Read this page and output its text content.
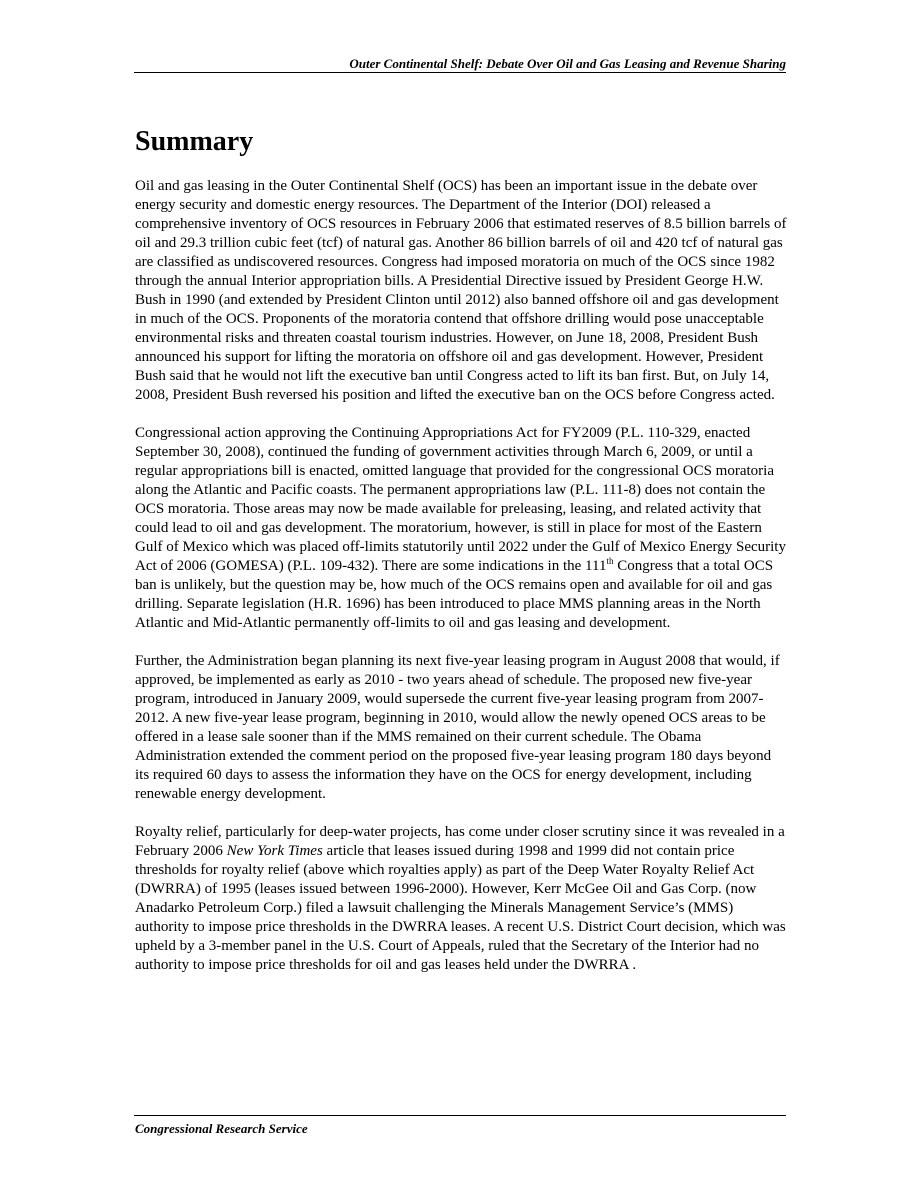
Outer Continental Shelf: Debate Over Oil and Gas Leasing and Revenue Sharing
Summary

Oil and gas leasing in the Outer Continental Shelf (OCS) has been an important issue in the debate over energy security and domestic energy resources. The Department of the Interior (DOI) released a comprehensive inventory of OCS resources in February 2006 that estimated reserves of 8.5 billion barrels of oil and 29.3 trillion cubic feet (tcf) of natural gas. Another 86 billion barrels of oil and 420 tcf of natural gas are classified as undiscovered resources. Congress had imposed moratoria on much of the OCS since 1982 through the annual Interior appropriation bills. A Presidential Directive issued by President George H.W. Bush in 1990 (and extended by President Clinton until 2012) also banned offshore oil and gas development in much of the OCS. Proponents of the moratoria contend that offshore drilling would pose unacceptable environmental risks and threaten coastal tourism industries. However, on June 18, 2008, President Bush announced his support for lifting the moratoria on offshore oil and gas development. However, President Bush said that he would not lift the executive ban until Congress acted to lift its ban first. But, on July 14, 2008, President Bush reversed his position and lifted the executive ban on the OCS before Congress acted.

Congressional action approving the Continuing Appropriations Act for FY2009 (P.L. 110-329, enacted September 30, 2008), continued the funding of government activities through March 6, 2009, or until a regular appropriations bill is enacted, omitted language that provided for the congressional OCS moratoria along the Atlantic and Pacific coasts. The permanent appropriations law (P.L. 111-8) does not contain the OCS moratoria. Those areas may now be made available for preleasing, leasing, and related activity that could lead to oil and gas development. The moratorium, however, is still in place for most of the Eastern Gulf of Mexico which was placed off-limits statutorily until 2022 under the Gulf of Mexico Energy Security Act of 2006 (GOMESA) (P.L. 109-432). There are some indications in the 111th Congress that a total OCS ban is unlikely, but the question may be, how much of the OCS remains open and available for oil and gas drilling. Separate legislation (H.R. 1696) has been introduced to place MMS planning areas in the North Atlantic and Mid-Atlantic permanently off-limits to oil and gas leasing and development.

Further, the Administration began planning its next five-year leasing program in August 2008 that would, if approved, be implemented as early as 2010 - two years ahead of schedule. The proposed new five-year program, introduced in January 2009, would supersede the current five-year leasing program from 2007-2012. A new five-year lease program, beginning in 2010, would allow the newly opened OCS areas to be offered in a lease sale sooner than if the MMS remained on their current schedule. The Obama Administration extended the comment period on the proposed five-year leasing program 180 days beyond its required 60 days to assess the information they have on the OCS for energy development, including renewable energy development.

Royalty relief, particularly for deep-water projects, has come under closer scrutiny since it was revealed in a February 2006 New York Times article that leases issued during 1998 and 1999 did not contain price thresholds for royalty relief (above which royalties apply) as part of the Deep Water Royalty Relief Act (DWRRA) of 1995 (leases issued between 1996-2000). However, Kerr McGee Oil and Gas Corp. (now Anadarko Petroleum Corp.) filed a lawsuit challenging the Minerals Management Service’s (MMS) authority to impose price thresholds in the DWRRA leases. A recent U.S. District Court decision, which was upheld by a 3-member panel in the U.S. Court of Appeals, ruled that the Secretary of the Interior had no authority to impose price thresholds for oil and gas leases held under the DWRRA .

Congressional Research Service
